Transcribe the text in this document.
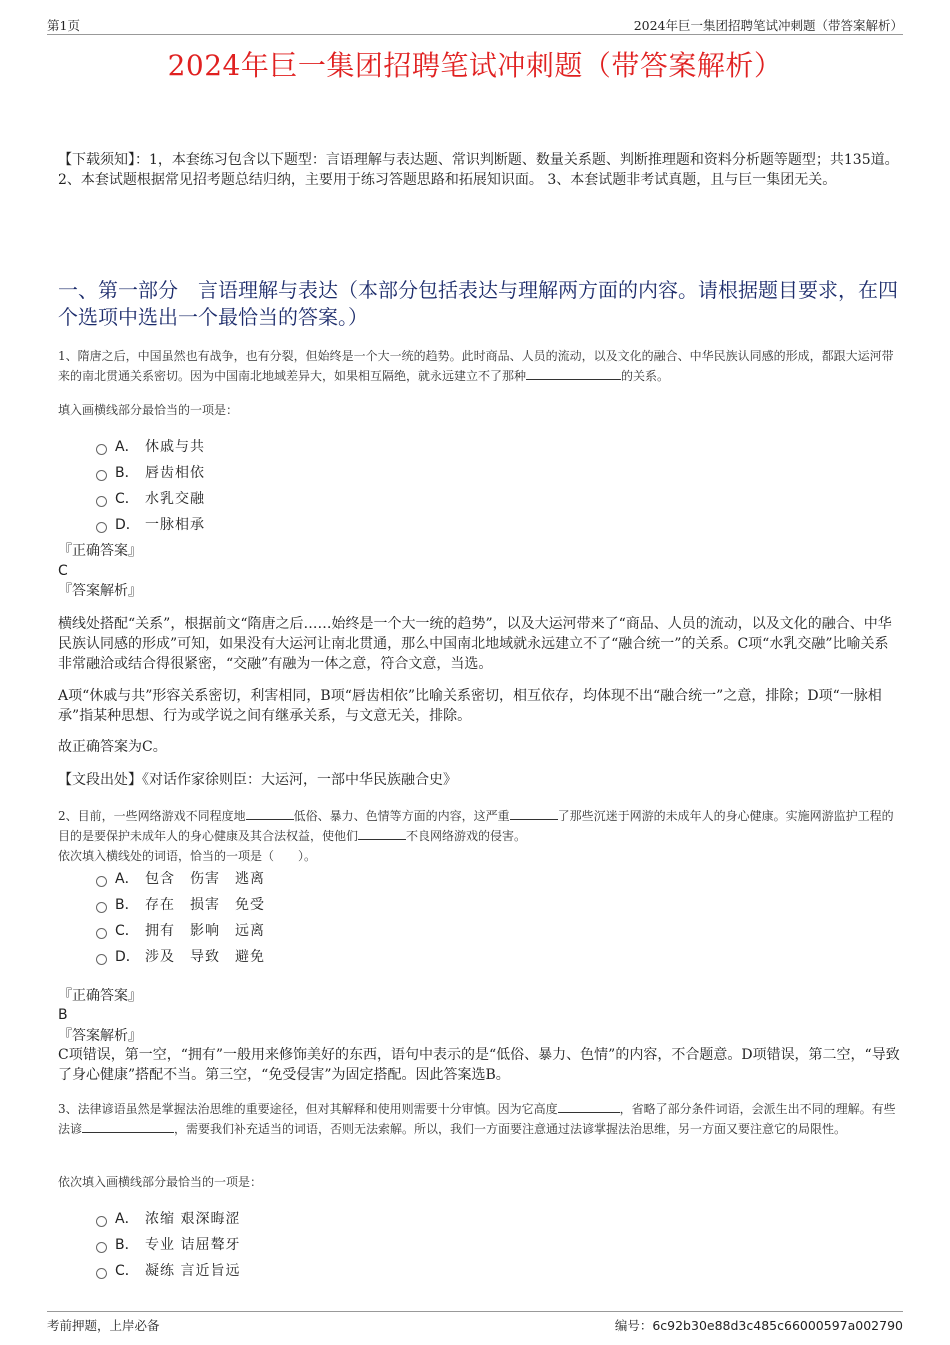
第1页	2024年巨一集团招聘笔试冲刺题（带答案解析）
2024年巨一集团招聘笔试冲刺题（带答案解析）
【下载须知】：1，本套练习包含以下题型：言语理解与表达题、常识判断题、数量关系题、判断推理题和资料分析题等题型；共135道。 2、本套试题根据常见招考题总结归纳，主要用于练习答题思路和拓展知识面。 3、本套试题非考试真题，且与巨一集团无关。
一、第一部分　言语理解与表达（本部分包括表达与理解两方面的内容。请根据题目要求，在四个选项中选出一个最恰当的答案。）
1、隋唐之后，中国虽然也有战争，也有分裂，但始终是一个大一统的趋势。此时商品、人员的流动，以及文化的融合、中华民族认同感的形成，都跟大运河带来的南北贯通关系密切。因为中国南北地域差异大，如果相互隔绝，就永远建立不了那种	的关系。
填入画横线部分最恰当的一项是：
A． 休戚与共
B． 唇齿相依
C． 水乳交融
D． 一脉相承
『正确答案』
C
『答案解析』
横线处搭配“关系”，根据前文“隋唐之后……始终是一个大一统的趋势”，以及大运河带来了“商品、人员的流动，以及文化的融合、中华民族认同感的形成”可知，如果没有大运河让南北贯通，那么中国南北地域就永远建立不了“融合统一”的关系。C项“水乳交融”比喻关系非常融洽或结合得很紧密，“交融”有融为一体之意，符合文意，当选。
A项“休戚与共”形容关系密切，利害相同，B项“唇齿相依”比喻关系密切，相互依存，均体现不出“融合统一”之意，排除；D项“一脉相承”指某种思想、行为或学说之间有继承关系，与文意无关，排除。
故正确答案为C。
【文段出处】《对话作家徐则臣：大运河，一部中华民族融合史》
2、目前，一些网络游戏不同程度地	低俗、暴力、色情等方面的内容，这严重	了那些沉迷于网游的未成年人的身心健康。实施网游监护工程的目的是要保护未成年人的身心健康及其合法权益，使他们	不良网络游戏的侵害。
依次填入横线处的词语，恰当的一项是（　　）。
A． 包含　伤害　逃离
B． 存在　损害　免受
C． 拥有　影响　远离
D． 涉及　导致　避免
『正确答案』
B
『答案解析』
C项错误，第一空，“拥有”一般用来修饰美好的东西，语句中表示的是“低俗、暴力、色情”的内容，不合题意。D项错误，第二空，“导致了身心健康”搭配不当。第三空，“免受侵害”为固定搭配。因此答案选B。
3、法律谚语虽然是掌握法治思维的重要途径，但对其解释和使用则需要十分审慎。因为它高度	，省略了部分条件词语，会派生出不同的理解。有些法谚	，需要我们补充适当的词语，否则无法索解。所以，我们一方面要注意通过法谚掌握法治思维，另一方面又要注意它的局限性。
依次填入画横线部分最恰当的一项是：
A． 浓缩 艰深晦涩
B． 专业 诘屈聱牙
C． 凝练 言近旨远
考前押题，上岸必备	编号：6c92b30e88d3c485c66000597a002790
